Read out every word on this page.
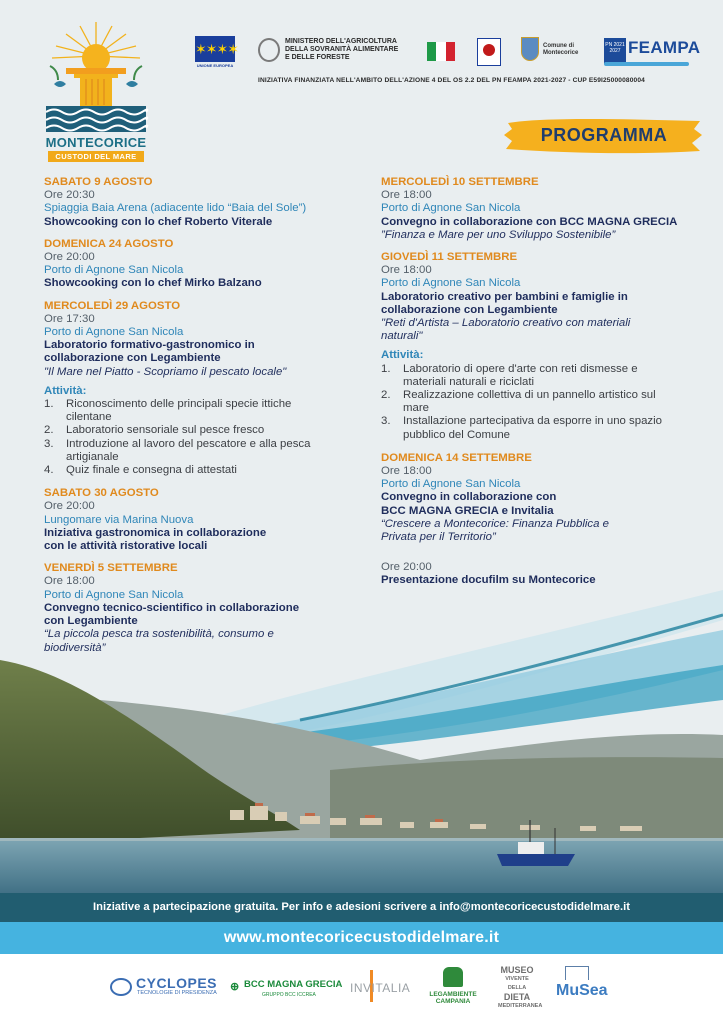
MONTECORICE
CUSTODI DEL MARE
✶✶✶✶
UNIONE EUROPEA
MINISTERO DELL'AGRICOLTURA
DELLA SOVRANITÀ ALIMENTARE
E DELLE FORESTE
Comune di
Montecorice
PN 2021 2027 FEAMPA
INIZIATIVA FINANZIATA NELL'AMBITO DELL'AZIONE 4 DEL OS 2.2 DEL PN FEAMPA 2021-2027 - CUP E59I25000080004
PROGRAMMA
SABATO 9 AGOSTO
Ore 20:30
Spiaggia Baia Arena (adiacente lido “Baia del Sole”)
Showcooking con lo chef Roberto Viterale
DOMENICA 24 AGOSTO
Ore 20:00
Porto di Agnone San Nicola
Showcooking con lo chef Mirko Balzano
MERCOLEDÌ 29 AGOSTO
Ore 17:30
Porto di Agnone San Nicola
Laboratorio formativo-gastronomico in
collaborazione con Legambiente
"Il Mare nel Piatto - Scopriamo il pescato locale"
Attività:
1.	Riconoscimento delle principali specie ittiche
cilentane
2.	Laboratorio sensoriale sul pesce fresco
3.	Introduzione al lavoro del pescatore e alla pesca
artigianale
4.	Quiz finale e consegna di attestati
SABATO 30 AGOSTO
Ore 20:00
Lungomare via Marina Nuova
Iniziativa gastronomica in collaborazione
con le attività ristorative locali
VENERDÌ 5 SETTEMBRE
Ore 18:00
Porto di Agnone San Nicola
Convegno tecnico-scientifico in collaborazione
con Legambiente
“La piccola pesca tra sostenibilità, consumo e
biodiversità”
MERCOLEDÌ 10 SETTEMBRE
Ore 18:00
Porto di Agnone San Nicola
Convegno in collaborazione con BCC MAGNA GRECIA
”Finanza e Mare per uno Sviluppo Sostenibile”
GIOVEDÌ 11 SETTEMBRE
Ore 18:00
Porto di Agnone San Nicola
Laboratorio creativo per bambini e famiglie in
collaborazione con Legambiente
"Reti d'Artista – Laboratorio creativo con materiali
naturali"
Attività:
1.	Laboratorio di opere d'arte con reti dismesse e
materiali naturali e riciclati
2.	Realizzazione collettiva di un pannello artistico sul
mare
3.	Installazione partecipativa da esporre in uno spazio
pubblico del Comune
DOMENICA 14 SETTEMBRE
Ore 18:00
Porto di Agnone San Nicola
Convegno in collaborazione con
BCC MAGNA GRECIA e Invitalia
“Crescere a Montecorice: Finanza Pubblica e
Privata per il Territorio”
Ore 20:00
Presentazione docufilm su Montecorice
Iniziative a partecipazione gratuita. Per info e adesioni scrivere a info@montecoricecustodidelmare.it
www.montecoricecustodidelmare.it
CYCLOPES
TECNOLOGIE DI PRESIDENZA ⊕ BCC MAGNA GRECIA
GRUPPO BCC ICCREA	INVITALIA	LEGAMBIENTE
CAMPANIA
MUSEO
VIVENTE DELLA
DIETA
MEDITERRANEA
MuSea
